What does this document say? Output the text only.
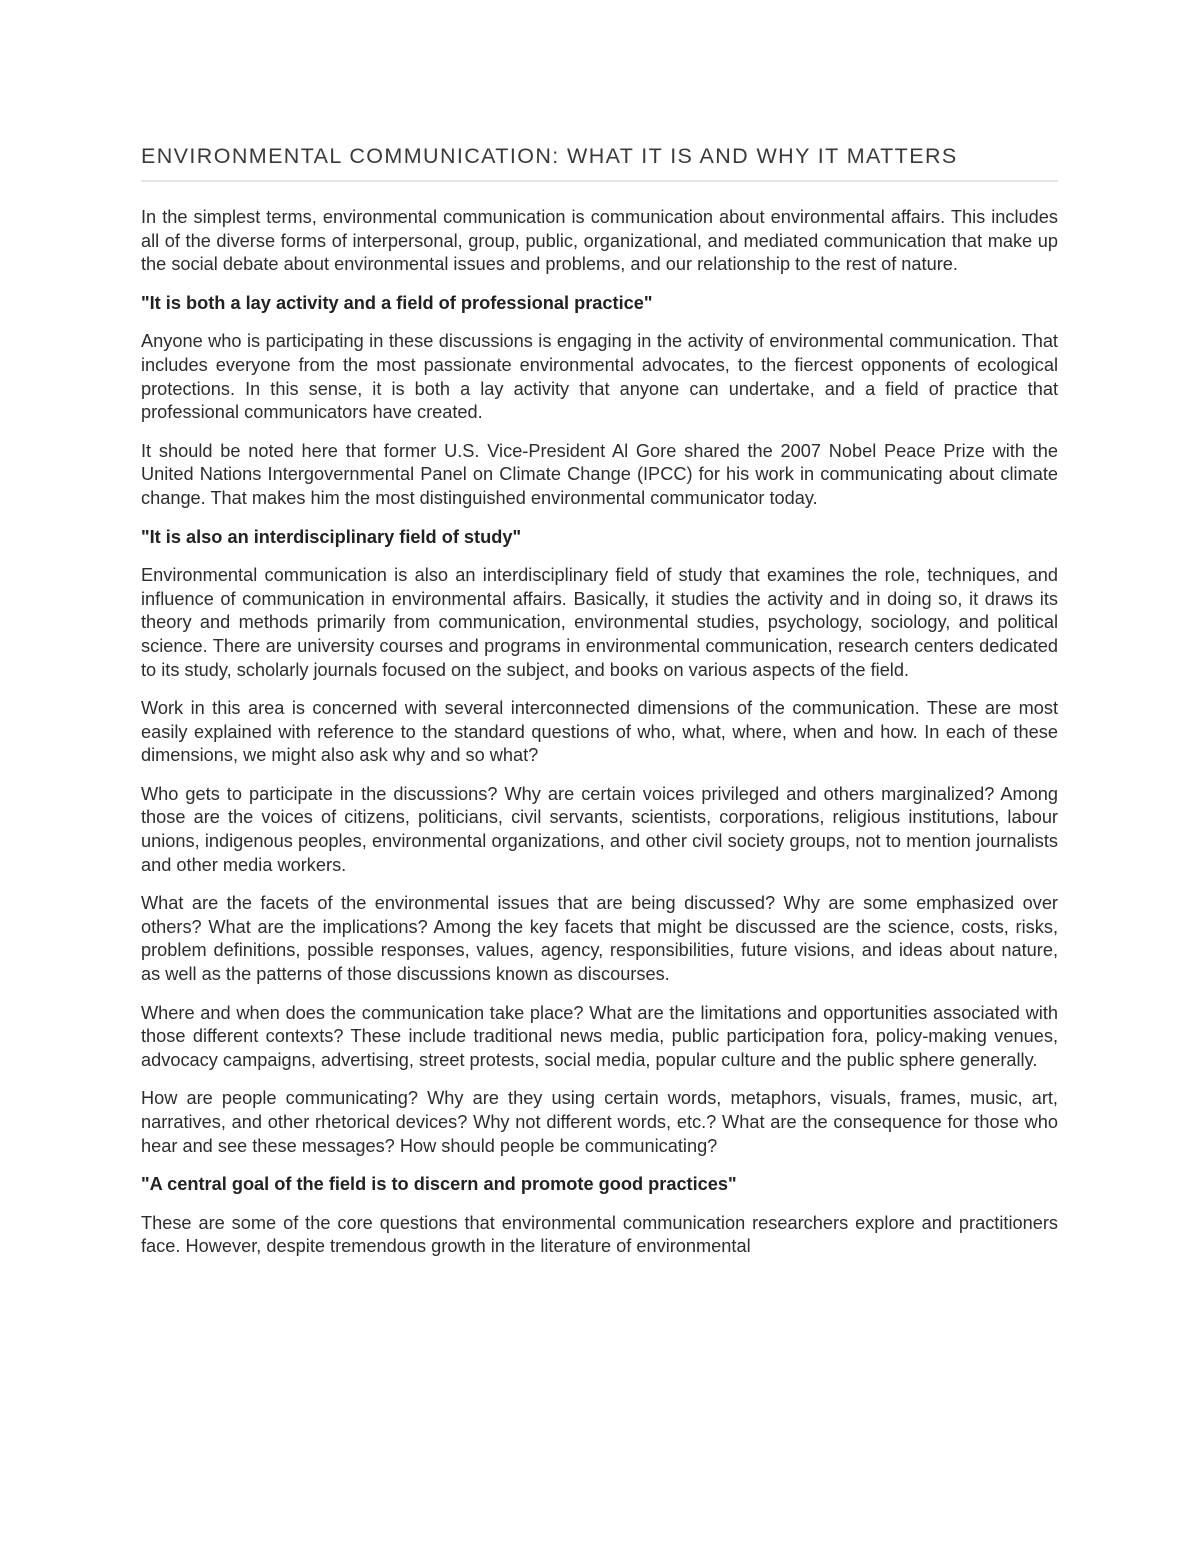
ENVIRONMENTAL COMMUNICATION: WHAT IT IS AND WHY IT MATTERS

In the simplest terms, environmental communication is communication about environmental affairs. This includes all of the diverse forms of interpersonal, group, public, organizational, and mediated communication that make up the social debate about environmental issues and problems, and our relationship to the rest of nature.

"It is both a lay activity and a field of professional practice"

Anyone who is participating in these discussions is engaging in the activity of environmental communication. That includes everyone from the most passionate environmental advocates, to the fiercest opponents of ecological protections. In this sense, it is both a lay activity that anyone can undertake, and a field of practice that professional communicators have created.

It should be noted here that former U.S. Vice-President Al Gore shared the 2007 Nobel Peace Prize with the United Nations Intergovernmental Panel on Climate Change (IPCC) for his work in communicating about climate change. That makes him the most distinguished environmental communicator today.

"It is also an interdisciplinary field of study"

Environmental communication is also an interdisciplinary field of study that examines the role, techniques, and influence of communication in environmental affairs. Basically, it studies the activity and in doing so, it draws its theory and methods primarily from communication, environmental studies, psychology, sociology, and political science. There are university courses and programs in environmental communication, research centers dedicated to its study, scholarly journals focused on the subject, and books on various aspects of the field.

Work in this area is concerned with several interconnected dimensions of the communication. These are most easily explained with reference to the standard questions of who, what, where, when and how. In each of these dimensions, we might also ask why and so what?

Who gets to participate in the discussions? Why are certain voices privileged and others marginalized? Among those are the voices of citizens, politicians, civil servants, scientists, corporations, religious institutions, labour unions, indigenous peoples, environmental organizations, and other civil society groups, not to mention journalists and other media workers.

What are the facets of the environmental issues that are being discussed? Why are some emphasized over others? What are the implications? Among the key facets that might be discussed are the science, costs, risks, problem definitions, possible responses, values, agency, responsibilities, future visions, and ideas about nature, as well as the patterns of those discussions known as discourses.

Where and when does the communication take place? What are the limitations and opportunities associated with those different contexts? These include traditional news media, public participation fora, policy-making venues, advocacy campaigns, advertising, street protests, social media, popular culture and the public sphere generally.

How are people communicating? Why are they using certain words, metaphors, visuals, frames, music, art, narratives, and other rhetorical devices? Why not different words, etc.? What are the consequence for those who hear and see these messages? How should people be communicating?

"A central goal of the field is to discern and promote good practices"

These are some of the core questions that environmental communication researchers explore and practitioners face. However, despite tremendous growth in the literature of environmental
